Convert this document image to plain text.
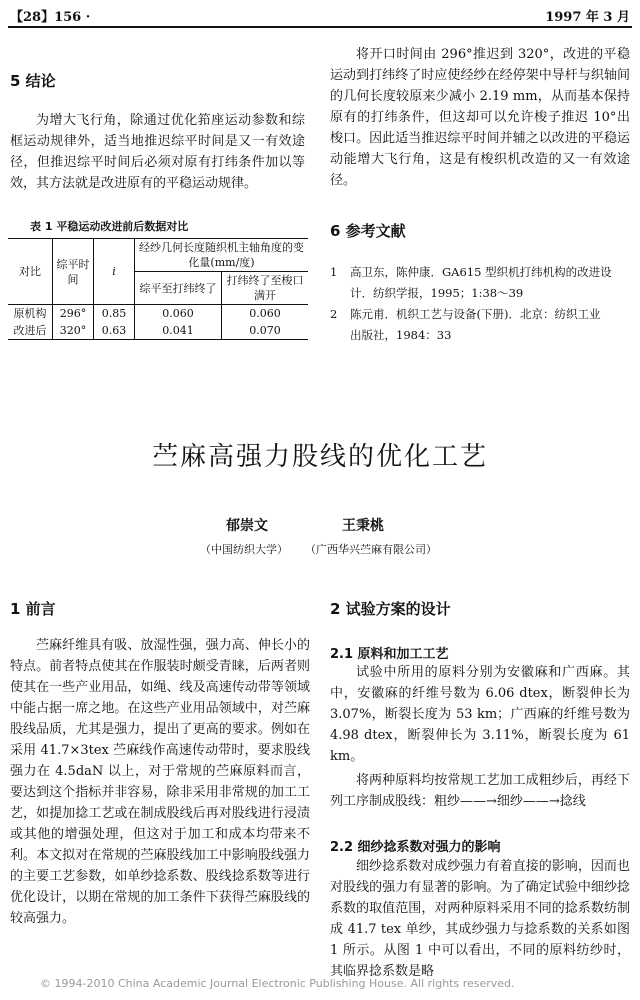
【28】156 ·	1997 年 3 月
5 结论

为增大飞行角，除通过优化筘座运动参数和综框运动规律外，适当地推迟综平时间是又一有效途径，但推迟综平时间后必须对原有打纬条件加以等效，其方法就是改进原有的平稳运动规律。

表 1 平稳运动改进前后数据对比
对比	综平时间	i	经纱几何长度随织机主轴角度的变化量(mm/度)	
			综平至打纬终了	打纬终了至梭口满开
原机构	296°	0.85	0.060	0.060
改进后	320°	0.63	0.041	0.070

将开口时间由 296°推迟到 320°，改进的平稳运动到打纬终了时应使经纱在经停架中导杆与织轴间的几何长度较原来少减小 2.19 mm，从而基本保持原有的打纬条件，但这却可以允许梭子推迟 10°出梭口。因此适当推迟综平时间并辅之以改进的平稳运动能增大飞行角，这是有梭织机改造的又一有效途径。

6 参考文献
1	高卫东，陈仲康．GA615 型织机打纬机构的改进设
计．纺织学报，1995；1:38～39
2	陈元甫．机织工艺与设备(下册)．北京：纺织工业
出版社，1984：33
苎麻高强力股线的优化工艺
郁崇文	王秉桃
（中国纺织大学） （广西华兴苎麻有限公司）
1 前言

苎麻纤维具有吸、放湿性强，强力高、伸长小的特点。前者特点使其在作服装时颇受青睐，后两者则使其在一些产业用品，如绳、线及高速传动带等领域中能占据一席之地。在这些产业用品领域中，对苎麻股线品质，尤其是强力，提出了更高的要求。例如在采用 41.7×3tex 苎麻线作高速传动带时，要求股线强力在 4.5daN 以上，对于常规的苎麻原料而言，要达到这个指标并非容易，除非采用非常规的加工工艺，如提加捻工艺或在制成股线后再对股线进行浸渍或其他的增强处理，但这对于加工和成本均带来不利。本文拟对在常规的苎麻股线加工中影响股线强力的主要工艺参数，如单纱捻系数、股线捻系数等进行优化设计，以期在常规的加工条件下获得苎麻股线的较高强力。

2 试验方案的设计
2.1 原料和加工工艺

试验中所用的原料分别为安徽麻和广西麻。其中，安徽麻的纤维号数为 6.06 dtex，断裂伸长为 3.07%，断裂长度为 53 km；广西麻的纤维号数为 4.98 dtex，断裂伸长为 3.11%，断裂长度为 61 km。

将两种原料均按常规工艺加工成粗纱后，再经下列工序制成股线：粗纱——→细纱——→捻线

2.2 细纱捻系数对强力的影响

细纱捻系数对成纱强力有着直接的影响，因而也对股线的强力有显著的影响。为了确定试验中细纱捻系数的取值范围，对两种原料采用不同的捻系数纺制成 41.7 tex 单纱，其成纱强力与捻系数的关系如图 1 所示。从图 1 中可以看出，不同的原料纺纱时，其临界捻系数是略

© 1994-2010 China Academic Journal Electronic Publishing House. All rights reserved.
